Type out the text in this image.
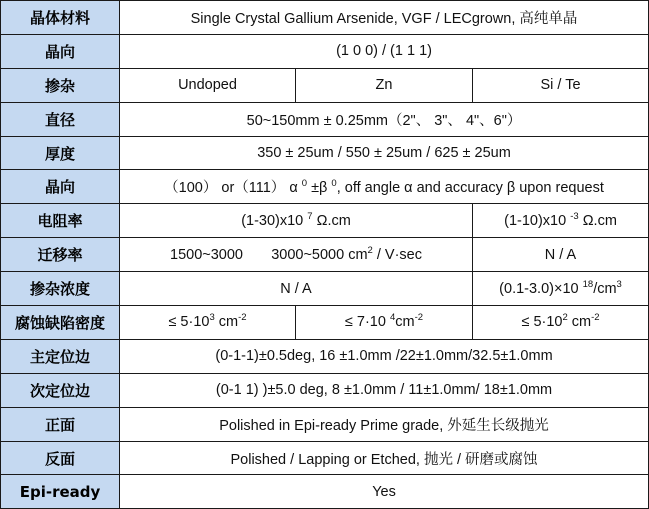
晶体材料	Single Crystal Gallium Arsenide, VGF / LECgrown, 高纯单晶		
晶向	(1 0 0) / (1 1 1)		
掺杂	Undoped	Zn	Si / Te
直径	50~150mm ± 0.25mm（2"、 3"、 4"、6"）		
厚度	350 ± 25um / 550 ± 25um / 625 ± 25um		
晶向	（100） or（111） α $^0$ ±β $^0$, off angle α and accuracy β upon request		
电阻率	(1-30)x10 $^7$ Ω.cm		(1-10)x10 $^{-3}$ Ω.cm
迁移率	1500~3000 3000~5000 $cm^2 / V\cdot\sec$		N / A
掺杂浓度	N / A		(0.1-3.0)×10 $^{18}/cm^3$
腐蚀缺陷密度	≤ $5\cdot 10^3$ $cm^{-2}$	≤ 7·10 $^4cm^{-2}$	≤ $5\cdot 10^2$ $cm^{-2}$
主定位边	(0-1-1)±0.5deg, 16 ±1.0mm /22±1.0mm/32.5±1.0mm		
次定位边	(0-1 1) )±5.0 deg, 8 ±1.0mm / 11±1.0mm/ 18±1.0mm		
正面	Polished in Epi-ready Prime grade, 外延生长级抛光		
反面	Polished / Lapping or Etched, 抛光 / 研磨或腐蚀		
Epi-ready	Yes		
